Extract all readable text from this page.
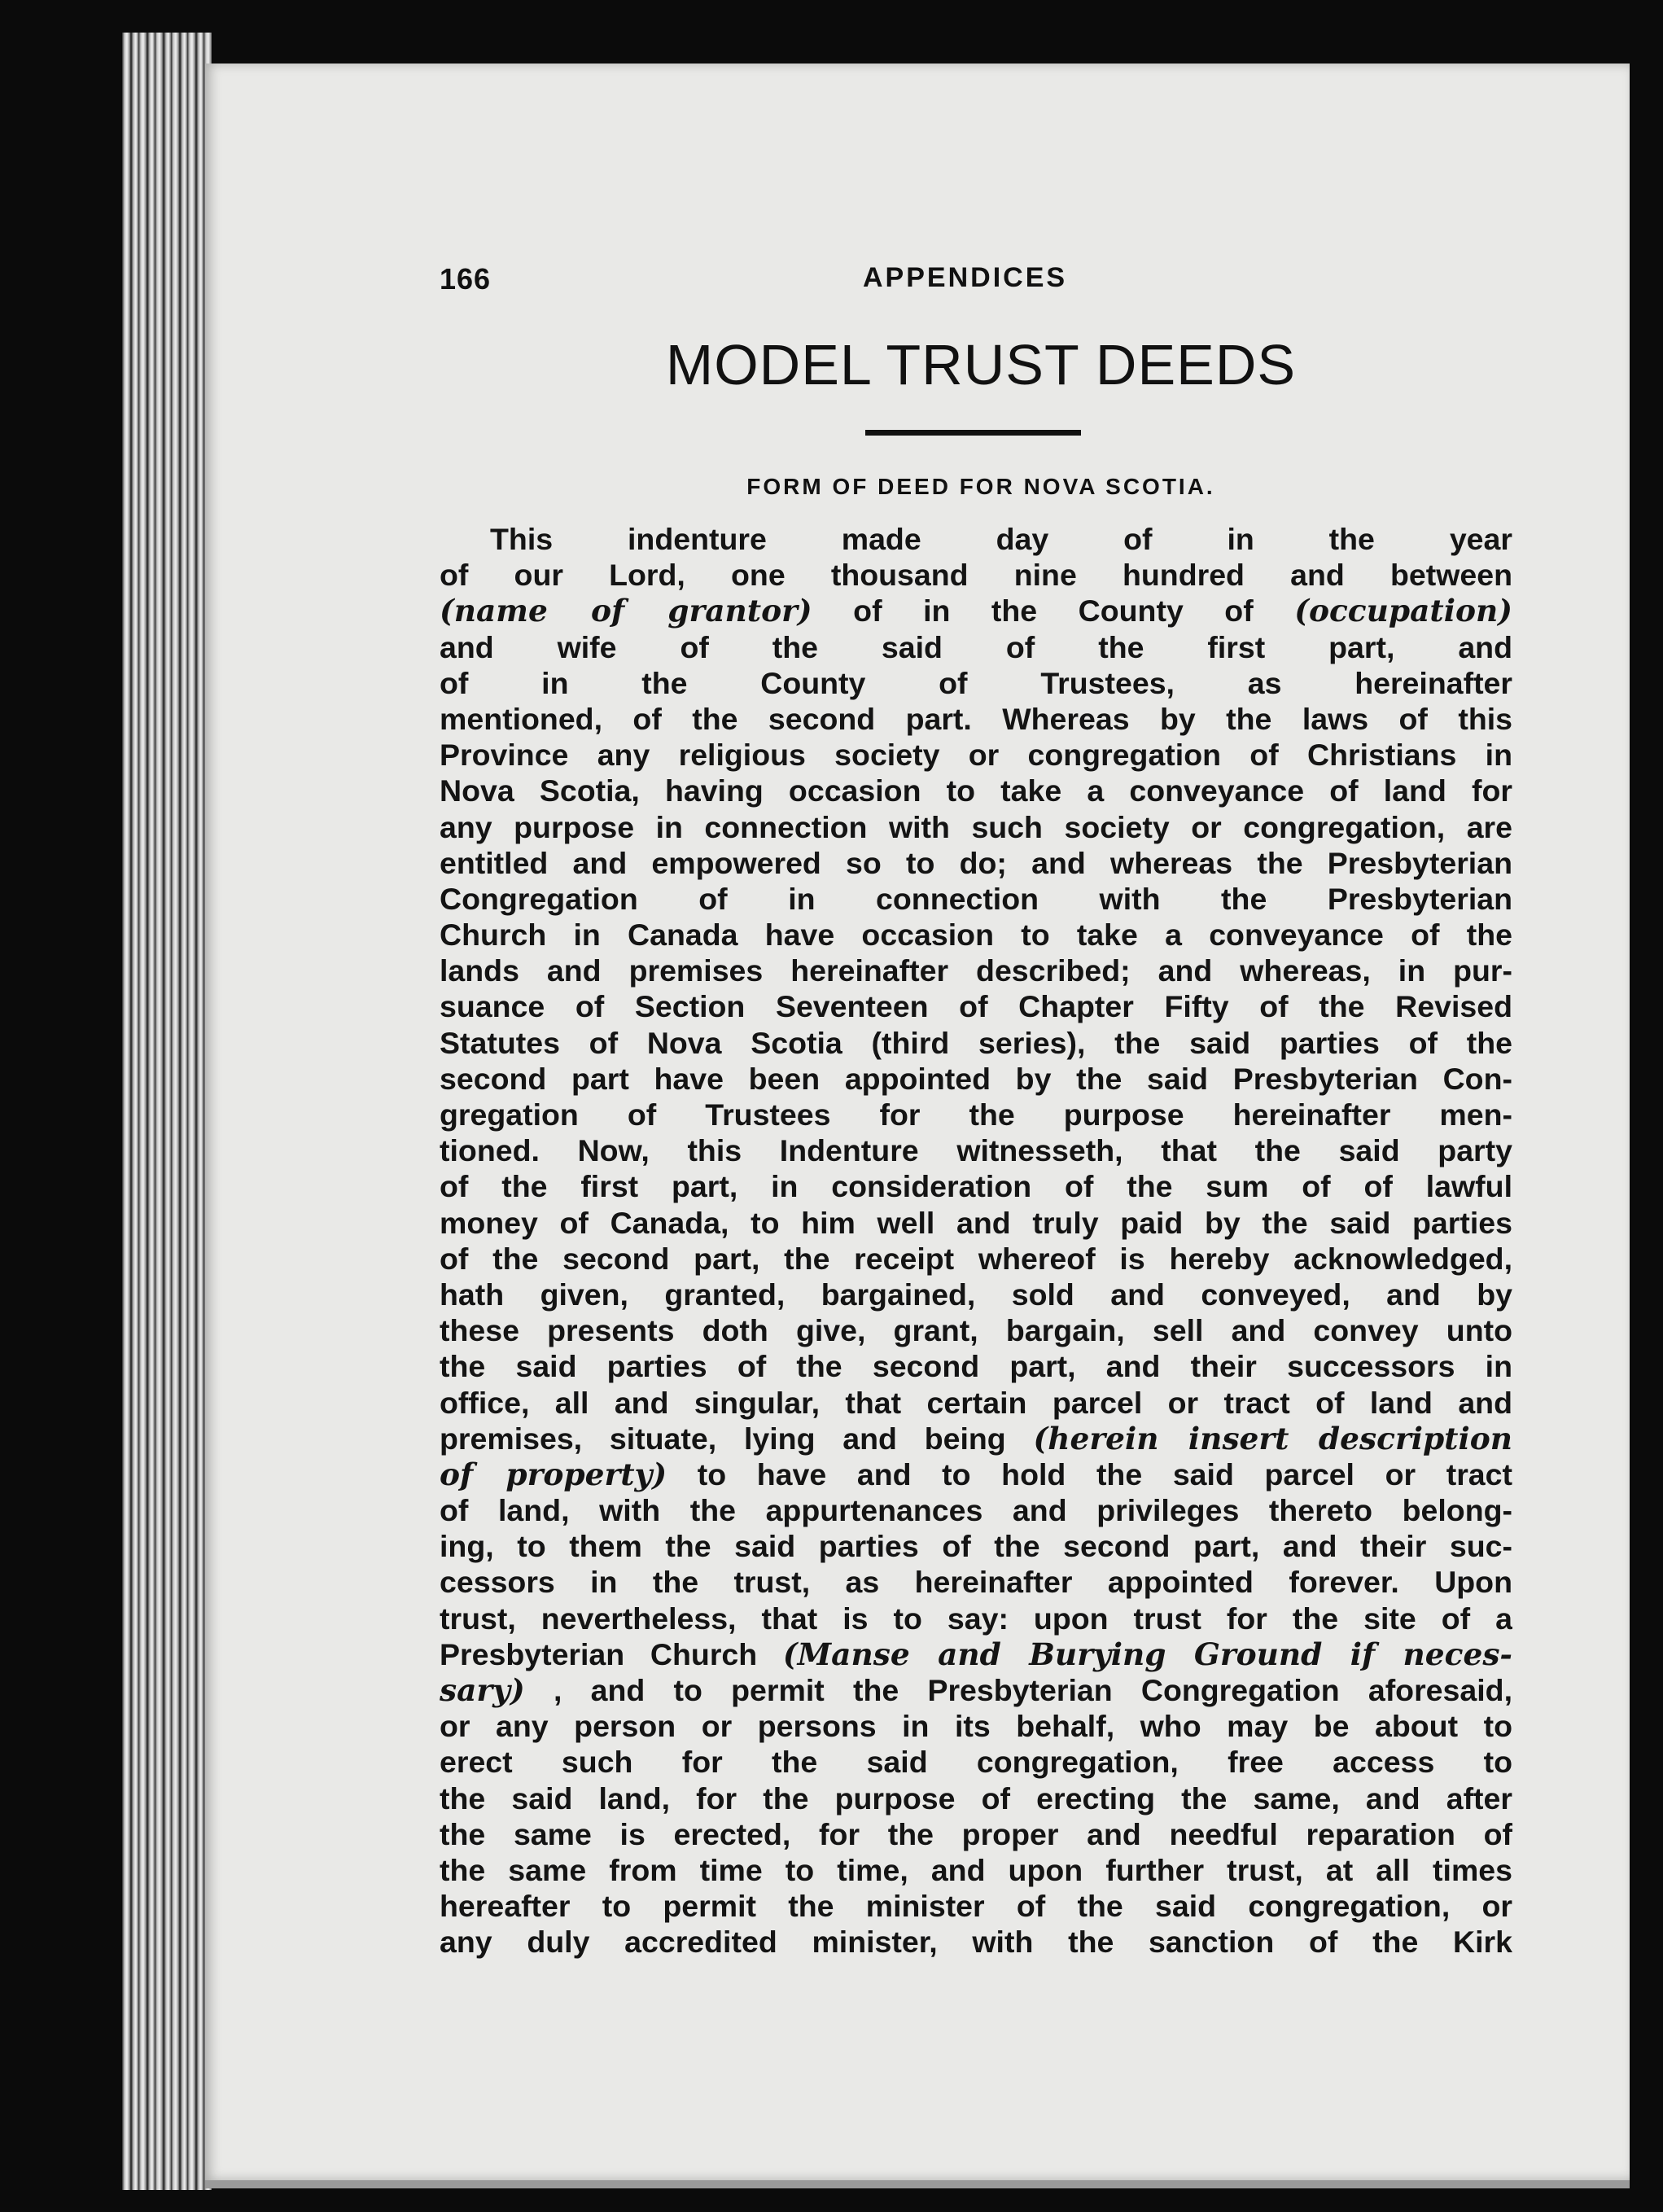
166	APPENDICES
MODEL TRUST DEEDS
FORM OF DEED FOR NOVA SCOTIA.
This indenture made day of in the year
of our Lord, one thousand nine hundred and between
(name of grantor) of in the County of (occupation)
and wife of the said of the first part, and
of in the County of Trustees, as hereinafter
mentioned, of the second part. Whereas by the laws of this
Province any religious society or congregation of Christians in
Nova Scotia, having occasion to take a conveyance of land for
any purpose in connection with such society or congregation, are
entitled and empowered so to do; and whereas the Presbyterian
Congregation of in connection with the Presbyterian
Church in Canada have occasion to take a conveyance of the
lands and premises hereinafter described; and whereas, in pur-
suance of Section Seventeen of Chapter Fifty of the Revised
Statutes of Nova Scotia (third series), the said parties of the
second part have been appointed by the said Presbyterian Con-
gregation of Trustees for the purpose hereinafter men-
tioned. Now, this Indenture witnesseth, that the said party
of the first part, in consideration of the sum of of lawful
money of Canada, to him well and truly paid by the said parties
of the second part, the receipt whereof is hereby acknowledged,
hath given, granted, bargained, sold and conveyed, and by
these presents doth give, grant, bargain, sell and convey unto
the said parties of the second part, and their successors in
office, all and singular, that certain parcel or tract of land and
premises, situate, lying and being (herein insert description
of property) to have and to hold the said parcel or tract
of land, with the appurtenances and privileges thereto belong-
ing, to them the said parties of the second part, and their suc-
cessors in the trust, as hereinafter appointed forever. Upon
trust, nevertheless, that is to say: upon trust for the site of a
Presbyterian Church (Manse and Burying Ground if neces-
sary) , and to permit the Presbyterian Congregation aforesaid,
or any person or persons in its behalf, who may be about to
erect such for the said congregation, free access to
the said land, for the purpose of erecting the same, and after
the same is erected, for the proper and needful reparation of
the same from time to time, and upon further trust, at all times
hereafter to permit the minister of the said congregation, or
any duly accredited minister, with the sanction of the Kirk
